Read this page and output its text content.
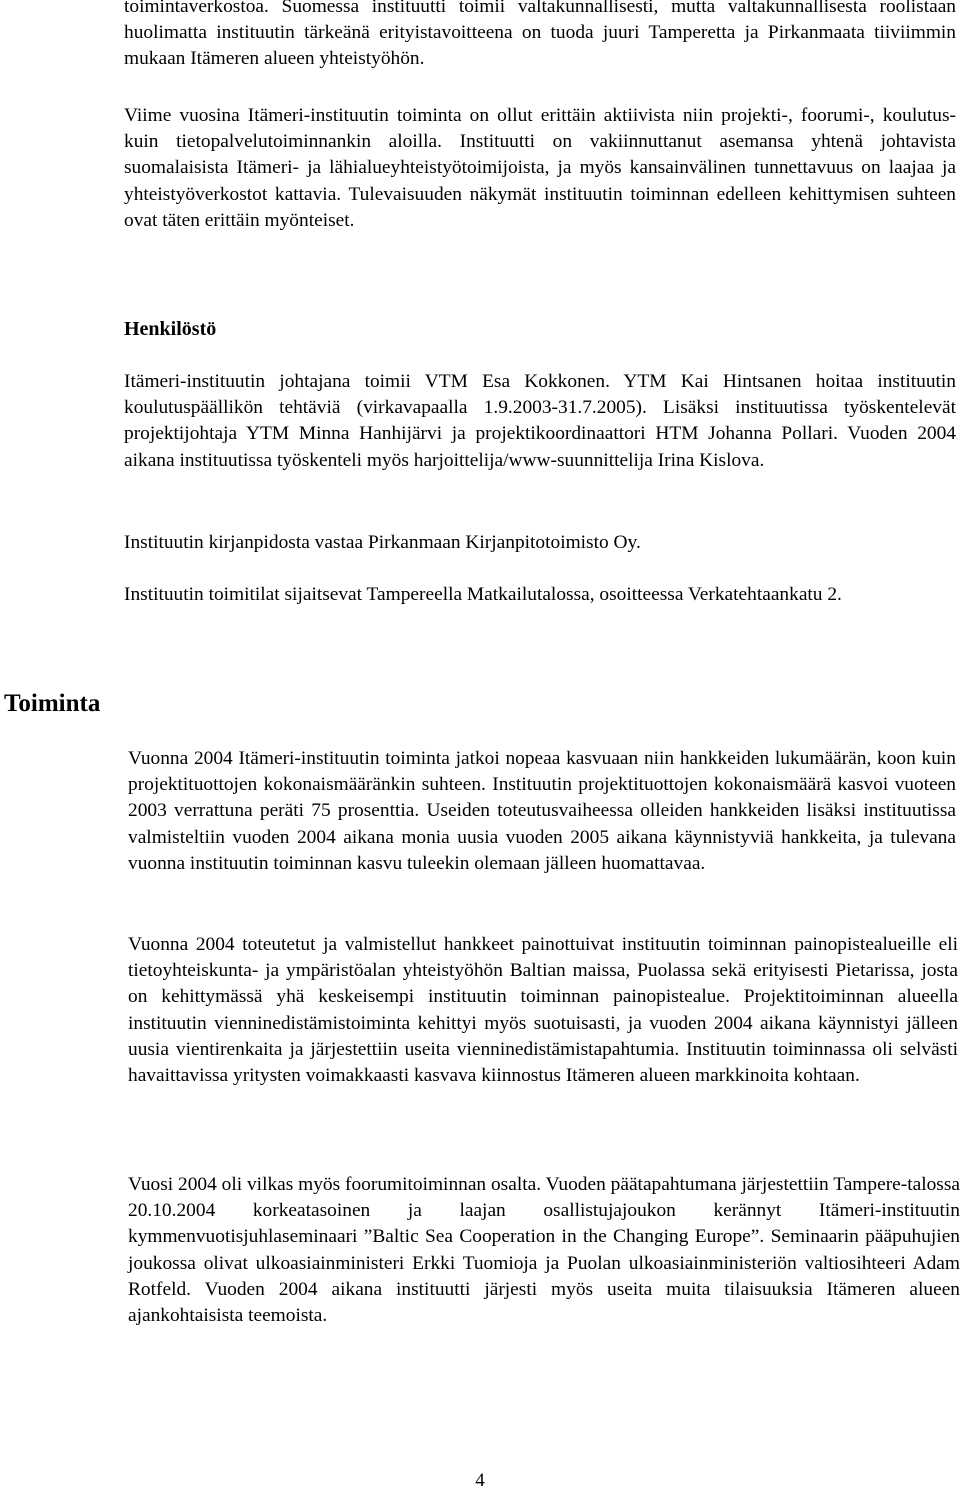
toimintaverkostoa. Suomessa instituutti toimii valtakunnallisesti, mutta valtakunnallisesta roolistaan huolimatta instituutin tärkeänä erityistavoitteena on tuoda juuri Tamperetta ja Pirkanmaata tiiviimmin mukaan Itämeren alueen yhteistyöhön.

Viime vuosina Itämeri-instituutin toiminta on ollut erittäin aktiivista niin projekti-, foorumi-, koulutus- kuin tietopalvelutoiminnankin aloilla. Instituutti on vakiinnuttanut asemansa yhtenä johtavista suomalaisista Itämeri- ja lähialueyhteistyötoimijoista, ja myös kansainvälinen tunnettavuus on laajaa ja yhteistyöverkostot kattavia. Tulevaisuuden näkymät instituutin toiminnan edelleen kehittymisen suhteen ovat täten erittäin myönteiset.

Henkilöstö

Itämeri-instituutin johtajana toimii VTM Esa Kokkonen. YTM Kai Hintsanen hoitaa instituutin koulutuspäällikön tehtäviä (virkavapaalla 1.9.2003-31.7.2005). Lisäksi instituutissa työskentelevät projektijohtaja YTM Minna Hanhijärvi ja projektikoordinaattori HTM Johanna Pollari. Vuoden 2004 aikana instituutissa työskenteli myös harjoittelija/www-suunnittelija Irina Kislova.

Instituutin kirjanpidosta vastaa Pirkanmaan Kirjanpitotoimisto Oy.

Instituutin toimitilat sijaitsevat Tampereella Matkailutalossa, osoitteessa Verkatehtaankatu 2.

Toiminta

Vuonna 2004 Itämeri-instituutin toiminta jatkoi nopeaa kasvuaan niin hankkeiden lukumäärän, koon kuin projektituottojen kokonaismääränkin suhteen. Instituutin projektituottojen kokonaismäärä kasvoi vuoteen 2003 verrattuna peräti 75 prosenttia. Useiden toteutusvaiheessa olleiden hankkeiden lisäksi instituutissa valmisteltiin vuoden 2004 aikana monia uusia vuoden 2005 aikana käynnistyviä hankkeita, ja tulevana vuonna instituutin toiminnan kasvu tuleekin olemaan jälleen huomattavaa.

Vuonna 2004 toteutetut ja valmistellut hankkeet painottuivat instituutin toiminnan painopistealueille eli tietoyhteiskunta- ja ympäristöalan yhteistyöhön Baltian maissa, Puolassa sekä erityisesti Pietarissa, josta on kehittymässä yhä keskeisempi instituutin toiminnan painopistealue. Projektitoiminnan alueella instituutin vienninedistämistoiminta kehittyi myös suotuisasti, ja vuoden 2004 aikana käynnistyi jälleen uusia vientirenkaita ja järjestettiin useita vienninedistämistapahtumia. Instituutin toiminnassa oli selvästi havaittavissa yritysten voimakkaasti kasvava kiinnostus Itämeren alueen markkinoita kohtaan.

Vuosi 2004 oli vilkas myös foorumitoiminnan osalta. Vuoden päätapahtumana järjestettiin Tampere-talossa 20.10.2004 korkeatasoinen ja laajan osallistujajoukon kerännyt Itämeri-instituutin kymmenvuotisjuhlaseminaari ”Baltic Sea Cooperation in the Changing Europe”. Seminaarin pääpuhujien joukossa olivat ulkoasiainministeri Erkki Tuomioja ja Puolan ulkoasiainministeriön valtiosihteeri Adam Rotfeld. Vuoden 2004 aikana instituutti järjesti myös useita muita tilaisuuksia Itämeren alueen ajankohtaisista teemoista.

4
